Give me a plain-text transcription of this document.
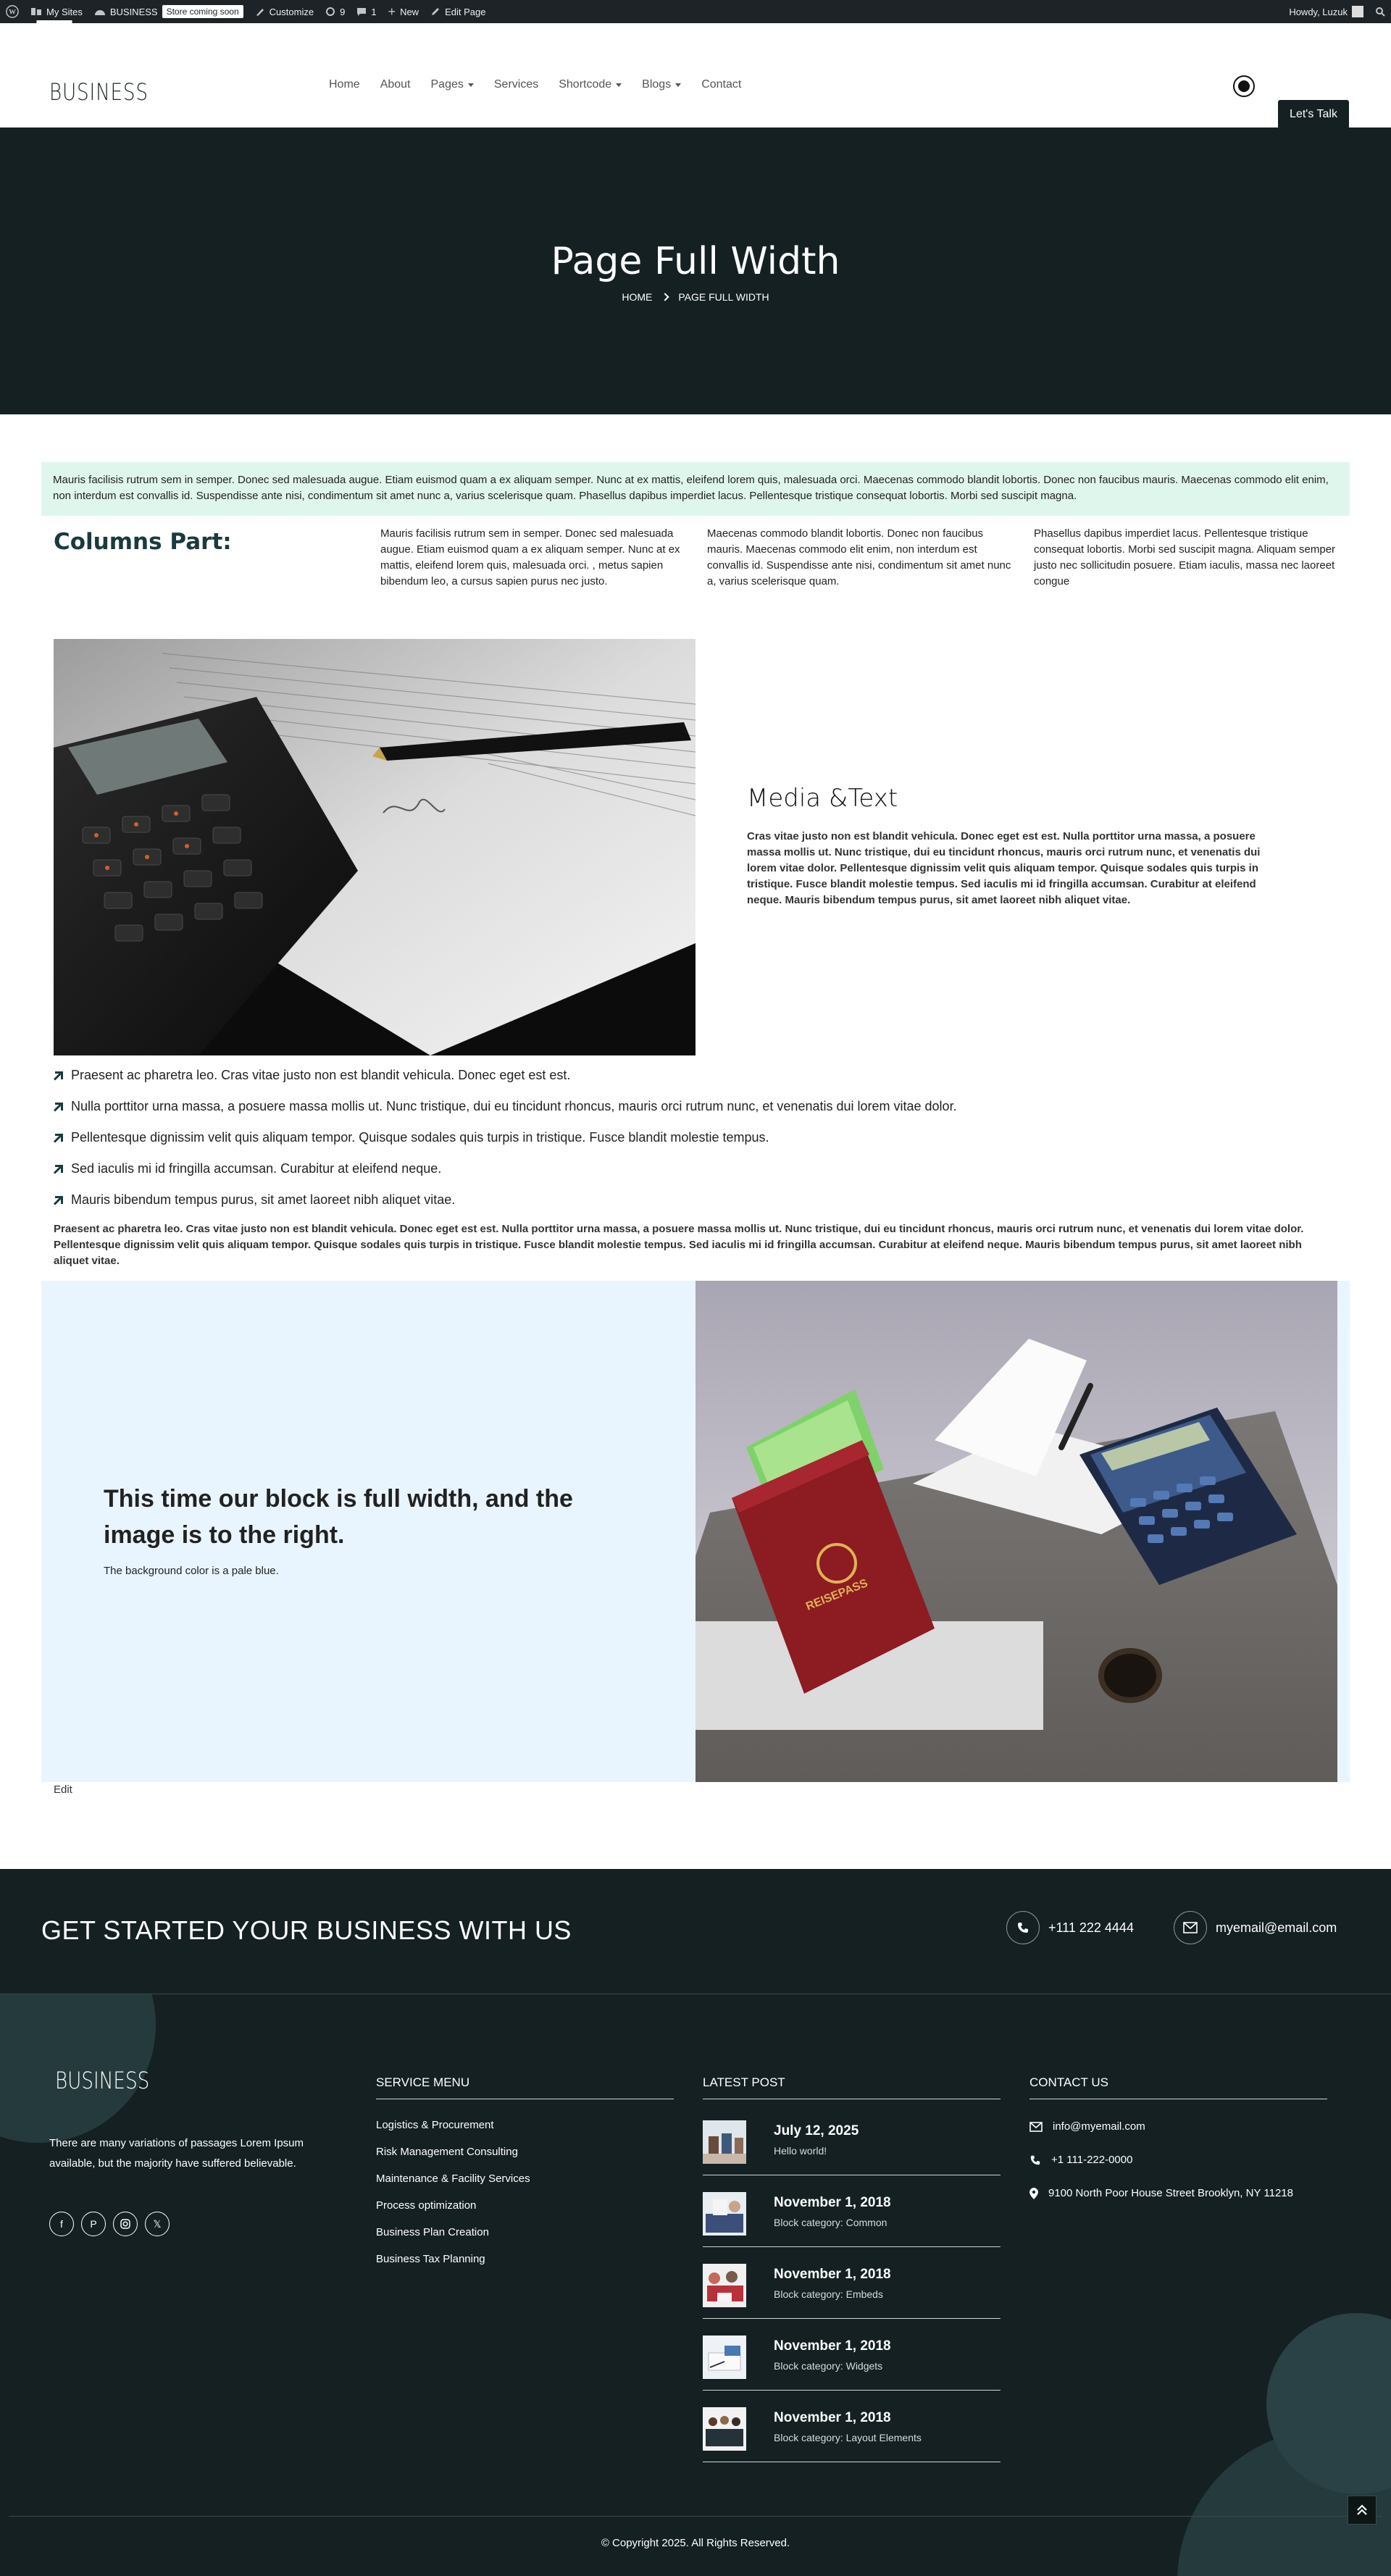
W	My Sites	BUSINESS	Store coming soon	Customize	9	1 + New	Edit Page	Howdy, Luzuk
BUSINESS	Home About Pages	Services Shortcode	Blogs	Contact
Let's Talk
Page Full Width
HOME	PAGE FULL WIDTH
Mauris facilisis rutrum sem in semper. Donec sed malesuada augue. Etiam euismod quam a ex aliquam semper. Nunc at ex mattis, eleifend lorem quis, malesuada orci. Maecenas commodo blandit lobortis. Donec non faucibus mauris. Maecenas commodo elit enim, non interdum est convallis id. Suspendisse ante nisi, condimentum sit amet nunc a, varius scelerisque quam. Phasellus dapibus imperdiet lacus. Pellentesque tristique consequat lobortis. Morbi sed suscipit magna.
Columns Part:	Mauris facilisis rutrum sem in semper. Donec sed malesuada augue. Etiam euismod quam a ex aliquam semper. Nunc at ex mattis, eleifend lorem quis, malesuada orci. , metus sapien bibendum leo, a cursus sapien purus nec justo.

Maecenas commodo blandit lobortis. Donec non faucibus mauris. Maecenas commodo elit enim, non interdum est convallis id. Suspendisse ante nisi, condimentum sit amet nunc a, varius scelerisque quam.

Phasellus dapibus imperdiet lacus. Pellentesque tristique consequat lobortis. Morbi sed suscipit magna. Aliquam semper justo nec sollicitudin posuere. Etiam iaculis, massa nec laoreet congue

Media &Text

Cras vitae justo non est blandit vehicula. Donec eget est est. Nulla porttitor urna massa, a posuere massa mollis ut. Nunc tristique, dui eu tincidunt rhoncus, mauris orci rutrum nunc, et venenatis dui lorem vitae dolor. Pellentesque dignissim velit quis aliquam tempor. Quisque sodales quis turpis in tristique. Fusce blandit molestie tempus. Sed iaculis mi id fringilla accumsan. Curabitur at eleifend neque. Mauris bibendum tempus purus, sit amet laoreet nibh aliquet vitae.

Praesent ac pharetra leo. Cras vitae justo non est blandit vehicula. Donec eget est est.
Nulla porttitor urna massa, a posuere massa mollis ut. Nunc tristique, dui eu tincidunt rhoncus, mauris orci rutrum nunc, et venenatis dui lorem vitae dolor.
Pellentesque dignissim velit quis aliquam tempor. Quisque sodales quis turpis in tristique. Fusce blandit molestie tempus.
Sed iaculis mi id fringilla accumsan. Curabitur at eleifend neque.
Mauris bibendum tempus purus, sit amet laoreet nibh aliquet vitae.

Praesent ac pharetra leo. Cras vitae justo non est blandit vehicula. Donec eget est est. Nulla porttitor urna massa, a posuere massa mollis ut. Nunc tristique, dui eu tincidunt rhoncus, mauris orci rutrum nunc, et venenatis dui lorem vitae dolor. Pellentesque dignissim velit quis aliquam tempor. Quisque sodales quis turpis in tristique. Fusce blandit molestie tempus. Sed iaculis mi id fringilla accumsan. Curabitur at eleifend neque. Mauris bibendum tempus purus, sit amet laoreet nibh aliquet vitae.

This time our block is full width, and the image is to the right.

The background color is a pale blue.

REISEPASS
Edit
GET STARTED YOUR BUSINESS WITH US	+111 222 4444	myemail@email.com
BUSINESS

There are many variations of passages Lorem Ipsum available, but the majority have suffered believable.

f	P	𝕏
SERVICE MENU
Logistics & Procurement
Risk Management Consulting
Maintenance & Facility Services
Process optimization
Business Plan Creation
Business Tax Planning
LATEST POST
July 12, 2025
Hello world!
November 1, 2018
Block category: Common
November 1, 2018
Block category: Embeds
November 1, 2018
Block category: Widgets
November 1, 2018
Block category: Layout Elements
CONTACT US
info@myemail.com
+1 111-222-0000
9100 North Poor House Street Brooklyn, NY 11218
© Copyright 2025. All Rights Reserved.
